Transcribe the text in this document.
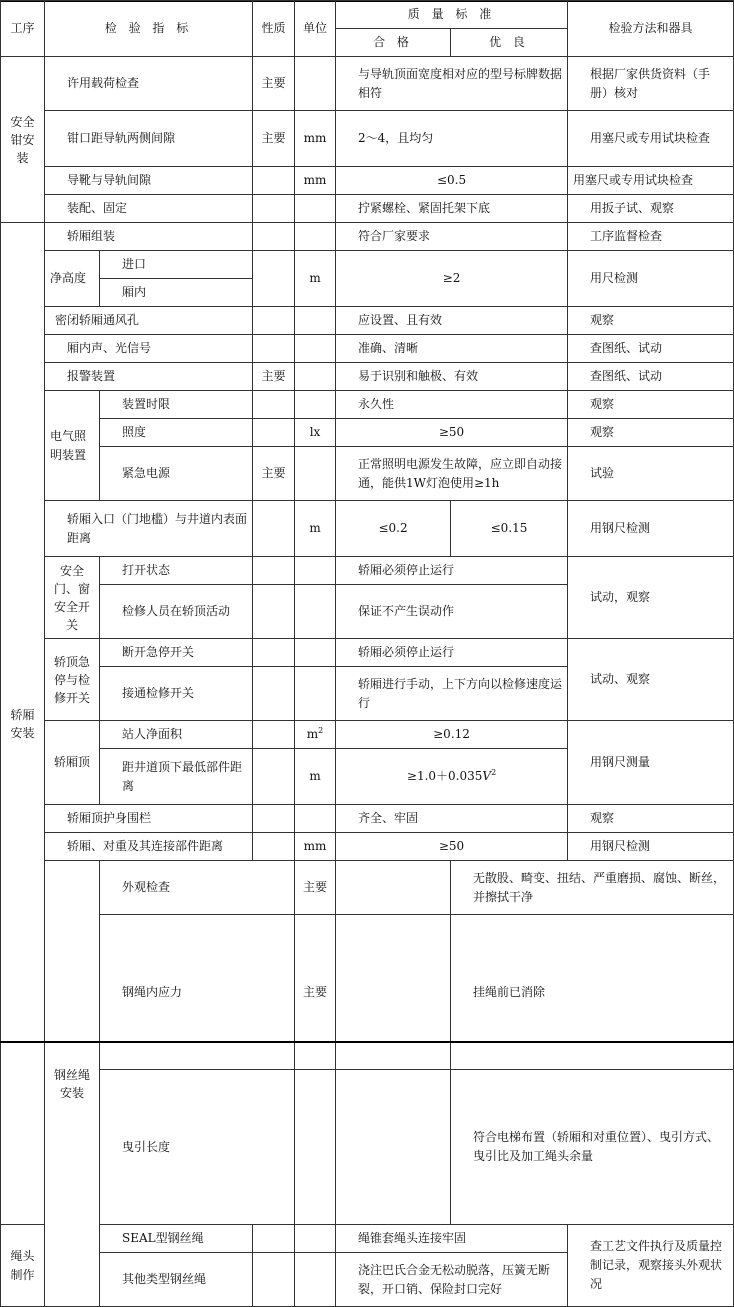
工序	检 验 指 标		性质	单位	质 量 标 准		检验方法和器具	
					合 格	优 良		
安全钳安装	许用载荷检查		主要		与导轨顶面宽度相对应的型号标牌数据相符		根据厂家供货资料（手册）核对	
	钳口距导轨两侧间隙		主要	mm	2～4，且均匀		用塞尺或专用试块检查	
	导靴与导轨间隙			mm	≤0.5		用塞尺或专用试块检查	
	装配、固定				拧紧螺栓、紧固托架下底		用扳子试、观察	
轿厢安装	轿厢组装				符合厂家要求		工序监督检查	
	净高度	进口		m	≥2		用尺检测	
		厢内						
	密闭轿厢通风孔				应设置、且有效		观察	
	厢内声、光信号				准确、清晰		查图纸、试动	
	报警装置		主要		易于识别和触极、有效		查图纸、试动	
	电气照明装置	装置时限			永久性		观察	
		照度		lx	≥50		观察	
		紧急电源	主要		正常照明电源发生故障，应立即自动接通，能供1W灯泡使用≥1h		试验	
	轿厢入口（门地槛）与井道内表面距离			m	≤0.2	≤0.15	用钢尺检测	
	安全门、窗安全开关	打开状态			轿厢必须停止运行		试动，观察	
		检修人员在轿顶活动			保证不产生误动作			
	轿顶急停与检修开关	断开急停开关			轿厢必须停止运行		试动、观察	
		接通检修开关			轿厢进行手动，上下方向以检修速度运行			
	轿厢顶	站人净面积		$m^2$	≥0.12		用钢尺测量	
		距井道顶下最低部件距离		m	$\ge 1.0+0.035V^2$
	轿厢顶护身围栏				齐全、牢固		观察	
	轿厢、对重及其连接部件距离			mm	≥50		用钢尺检测	
	钢丝绳安装	外观检查		主要		无散股、畸变、扭结、严重磨损、腐蚀、断丝，并擦拭干净	
		钢绳内应力		主要		挂绳前已消除	
		曳引长度				符合电梯布置（轿厢和对重位置）、曳引方式、曳引比及加工绳头余量	
绳头制作		SEAL型钢丝绳			绳锥套绳头连接牢固		查工艺文件执行及质量控制记录，观察接头外观状况	
		其他类型钢丝绳			浇注巴氏合金无松动脱落，压簧无断裂，开口销、保险封口完好			
